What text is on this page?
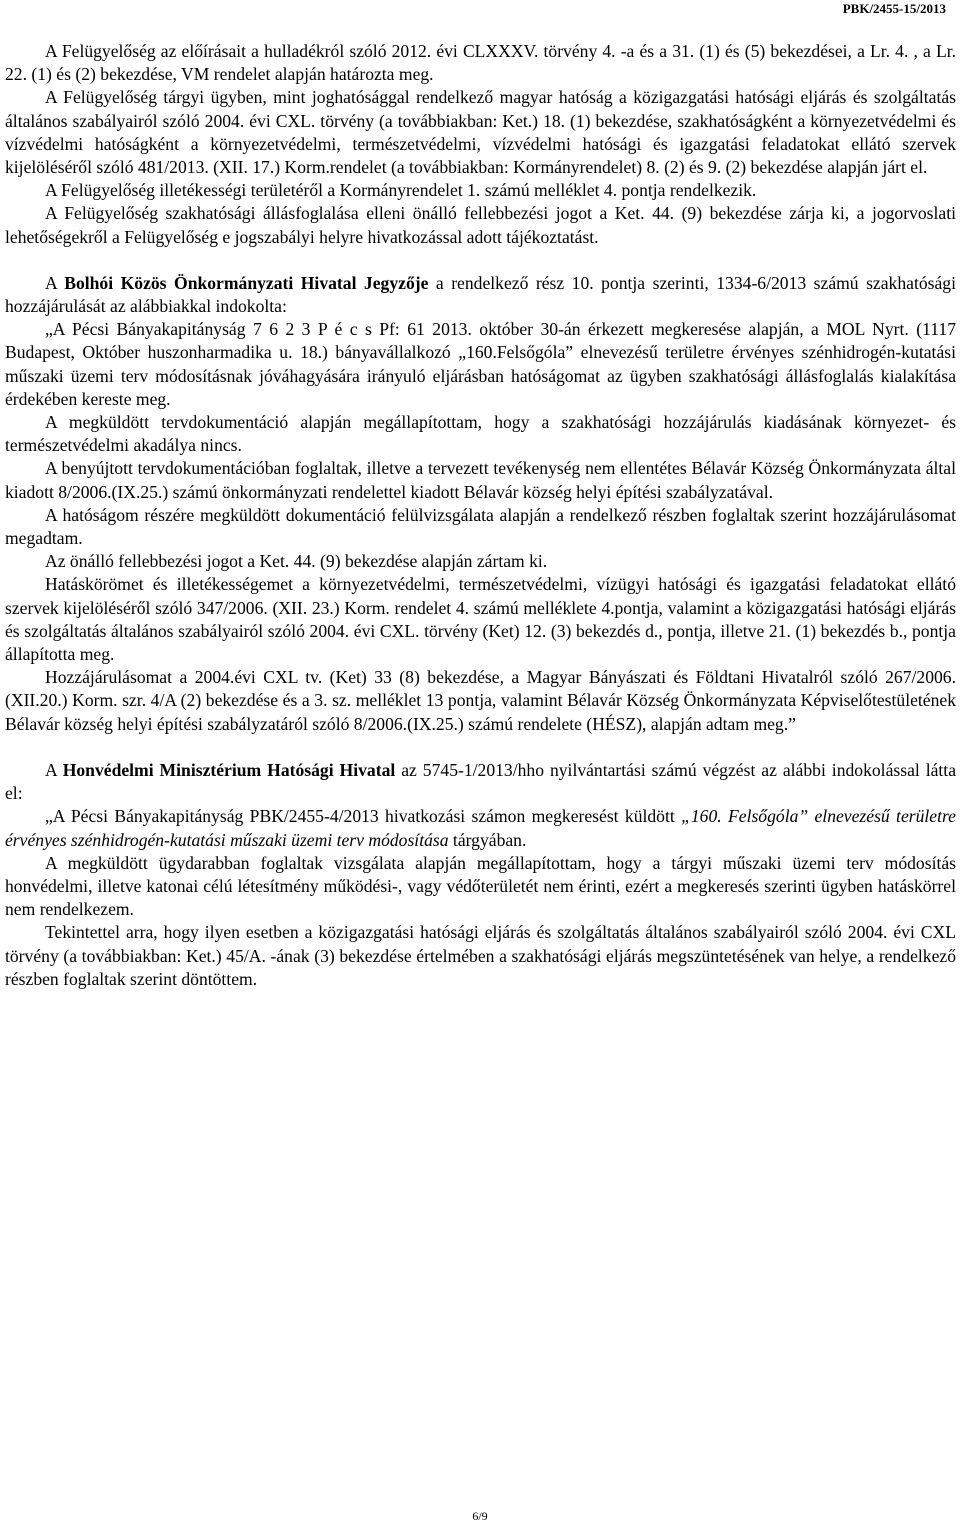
PBK/2455-15/2013

A Felügyelőség az előírásait a hulladékról szóló 2012. évi CLXXXV. törvény 4. -a és a 31. (1) és (5) bekezdései, a Lr. 4. , a Lr. 22. (1) és (2) bekezdése, VM rendelet alapján határozta meg.

A Felügyelőség tárgyi ügyben, mint joghatósággal rendelkező magyar hatóság a közigazgatási hatósági eljárás és szolgáltatás általános szabályairól szóló 2004. évi CXL. törvény (a továbbiakban: Ket.) 18. (1) bekezdése, szakhatóságként a környezetvédelmi és vízvédelmi hatóságként a környezetvédelmi, természetvédelmi, vízvédelmi hatósági és igazgatási feladatokat ellátó szervek kijelöléséről szóló 481/2013. (XII. 17.) Korm.rendelet (a továbbiakban: Kormányrendelet) 8. (2) és 9. (2) bekezdése alapján járt el.

A Felügyelőség illetékességi területéről a Kormányrendelet 1. számú melléklet 4. pontja rendelkezik.

A Felügyelőség szakhatósági állásfoglalása elleni önálló fellebbezési jogot a Ket. 44. (9) bekezdése zárja ki, a jogorvoslati lehetőségekről a Felügyelőség e jogszabályi helyre hivatkozással adott tájékoztatást.

A Bolhói Közös Önkormányzati Hivatal Jegyzője a rendelkező rész 10. pontja szerinti, 1334-6/2013 számú szakhatósági hozzájárulását az alábbiakkal indokolta:

„A Pécsi Bányakapitányság 7 6 2 3 P é c s Pf: 61 2013. október 30-án érkezett megkeresése alapján, a MOL Nyrt. (1117 Budapest, Október huszonharmadika u. 18.) bányavállalkozó „160.Felsőgóla” elnevezésű területre érvényes szénhidrogén-kutatási műszaki üzemi terv módosításnak jóváhagyására irányuló eljárásban hatóságomat az ügyben szakhatósági állásfoglalás kialakítása érdekében kereste meg.

A megküldött tervdokumentáció alapján megállapítottam, hogy a szakhatósági hozzájárulás kiadásának környezet- és természetvédelmi akadálya nincs.

A benyújtott tervdokumentációban foglaltak, illetve a tervezett tevékenység nem ellentétes Bélavár Község Önkormányzata által kiadott 8/2006.(IX.25.) számú önkormányzati rendelettel kiadott Bélavár község helyi építési szabályzatával.

A hatóságom részére megküldött dokumentáció felülvizsgálata alapján a rendelkező részben foglaltak szerint hozzájárulásomat megadtam.

Az önálló fellebbezési jogot a Ket. 44. (9) bekezdése alapján zártam ki.

Hatáskörömet és illetékességemet a környezetvédelmi, természetvédelmi, vízügyi hatósági és igazgatási feladatokat ellátó szervek kijelöléséről szóló 347/2006. (XII. 23.) Korm. rendelet 4. számú melléklete 4.pontja, valamint a közigazgatási hatósági eljárás és szolgáltatás általános szabályairól szóló 2004. évi CXL. törvény (Ket) 12. (3) bekezdés d., pontja, illetve 21. (1) bekezdés b., pontja állapította meg.

Hozzájárulásomat a 2004.évi CXL tv. (Ket) 33 (8) bekezdése, a Magyar Bányászati és Földtani Hivatalról szóló 267/2006.(XII.20.) Korm. szr. 4/A (2) bekezdése és a 3. sz. melléklet 13 pontja, valamint Bélavár Község Önkormányzata Képviselőtestületének Bélavár község helyi építési szabályzatáról szóló 8/2006.(IX.25.) számú rendelete (HÉSZ), alapján adtam meg.”

A Honvédelmi Minisztérium Hatósági Hivatal az 5745-1/2013/hho nyilvántartási számú végzést az alábbi indokolással látta el:

„A Pécsi Bányakapitányság PBK/2455-4/2013 hivatkozási számon megkeresést küldött „160. Felsőgóla” elnevezésű területre érvényes szénhidrogén-kutatási műszaki üzemi terv módosítása tárgyában.

A megküldött ügydarabban foglaltak vizsgálata alapján megállapítottam, hogy a tárgyi műszaki üzemi terv módosítás honvédelmi, illetve katonai célú létesítmény működési-, vagy védőterületét nem érinti, ezért a megkeresés szerinti ügyben hatáskörrel nem rendelkezem.

Tekintettel arra, hogy ilyen esetben a közigazgatási hatósági eljárás és szolgáltatás általános szabályairól szóló 2004. évi CXL törvény (a továbbiakban: Ket.) 45/A. -ának (3) bekezdése értelmében a szakhatósági eljárás megszüntetésének van helye, a rendelkező részben foglaltak szerint döntöttem.

6/9
